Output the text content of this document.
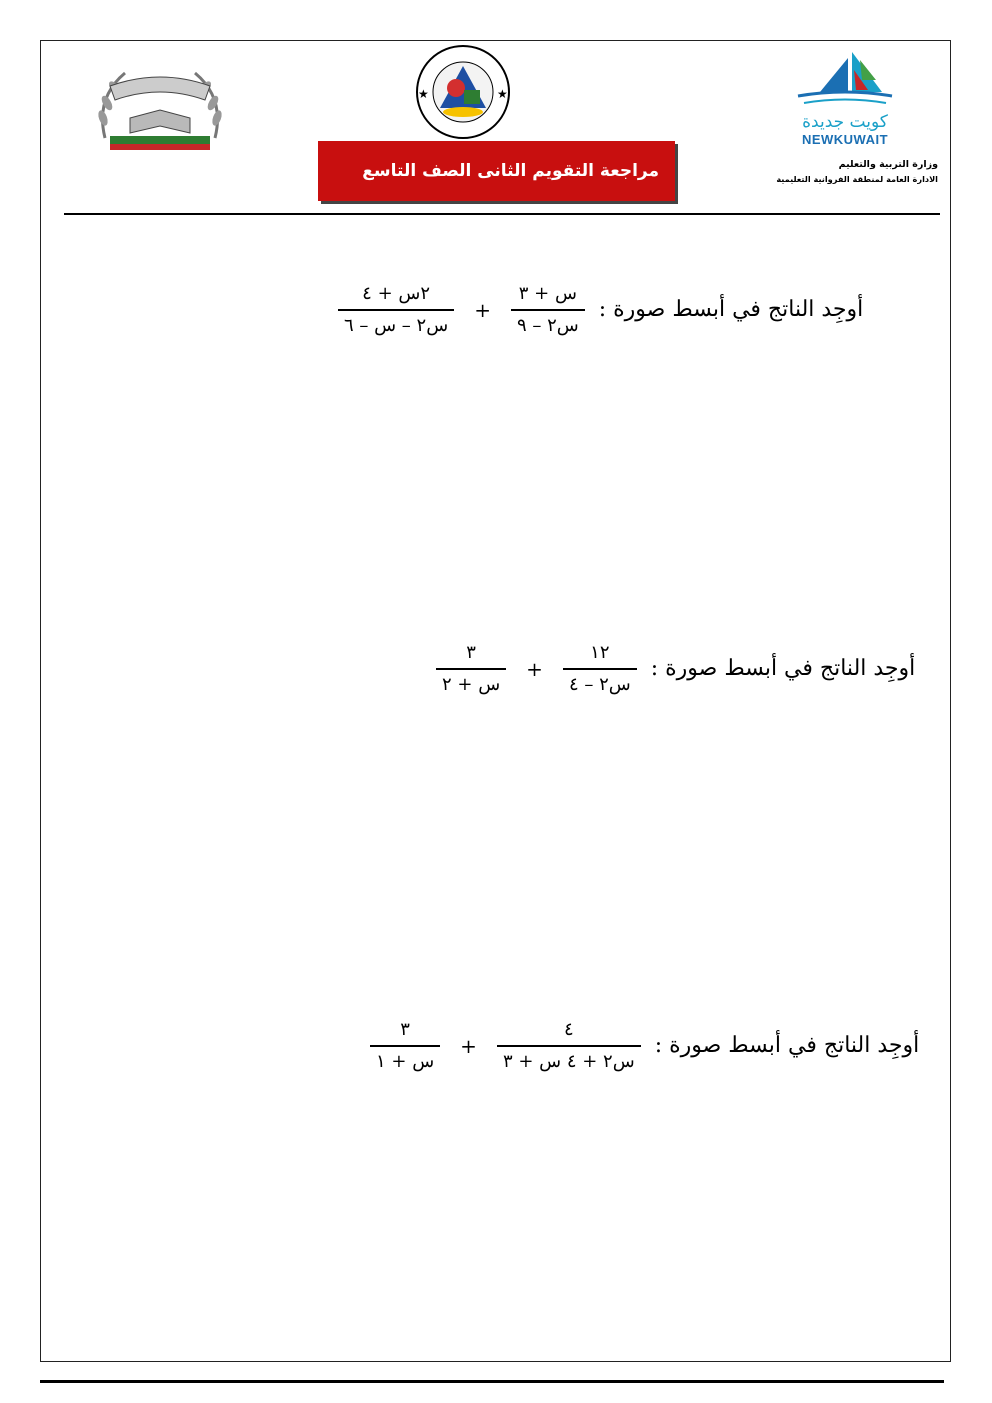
★	★
كويت جديدة
NEWKUWAIT
وزارة التربية والتعليم
الادارة العامة لمنطقة الفروانية التعليمية
مراجعة التقويم الثانى الصف التاسع
أوجِد الناتج في أبسط صورة :
$\frac{\text{س + ٣}}{\text{س٢ – ٩}}$
+
$\frac{\text{٢س + ٤}}{\text{س٢ – س – ٦}}$
أوجِد الناتج في أبسط صورة :
$\frac{١٢}{\text{س٢ – ٤}}$
+
$\frac{٣}{\text{س + ٢}}$
أوجِد الناتج في أبسط صورة :
$\frac{٤}{\text{س٢ + ٤ س + ٣}}$
+
$\frac{٣}{\text{س + ١}}$
